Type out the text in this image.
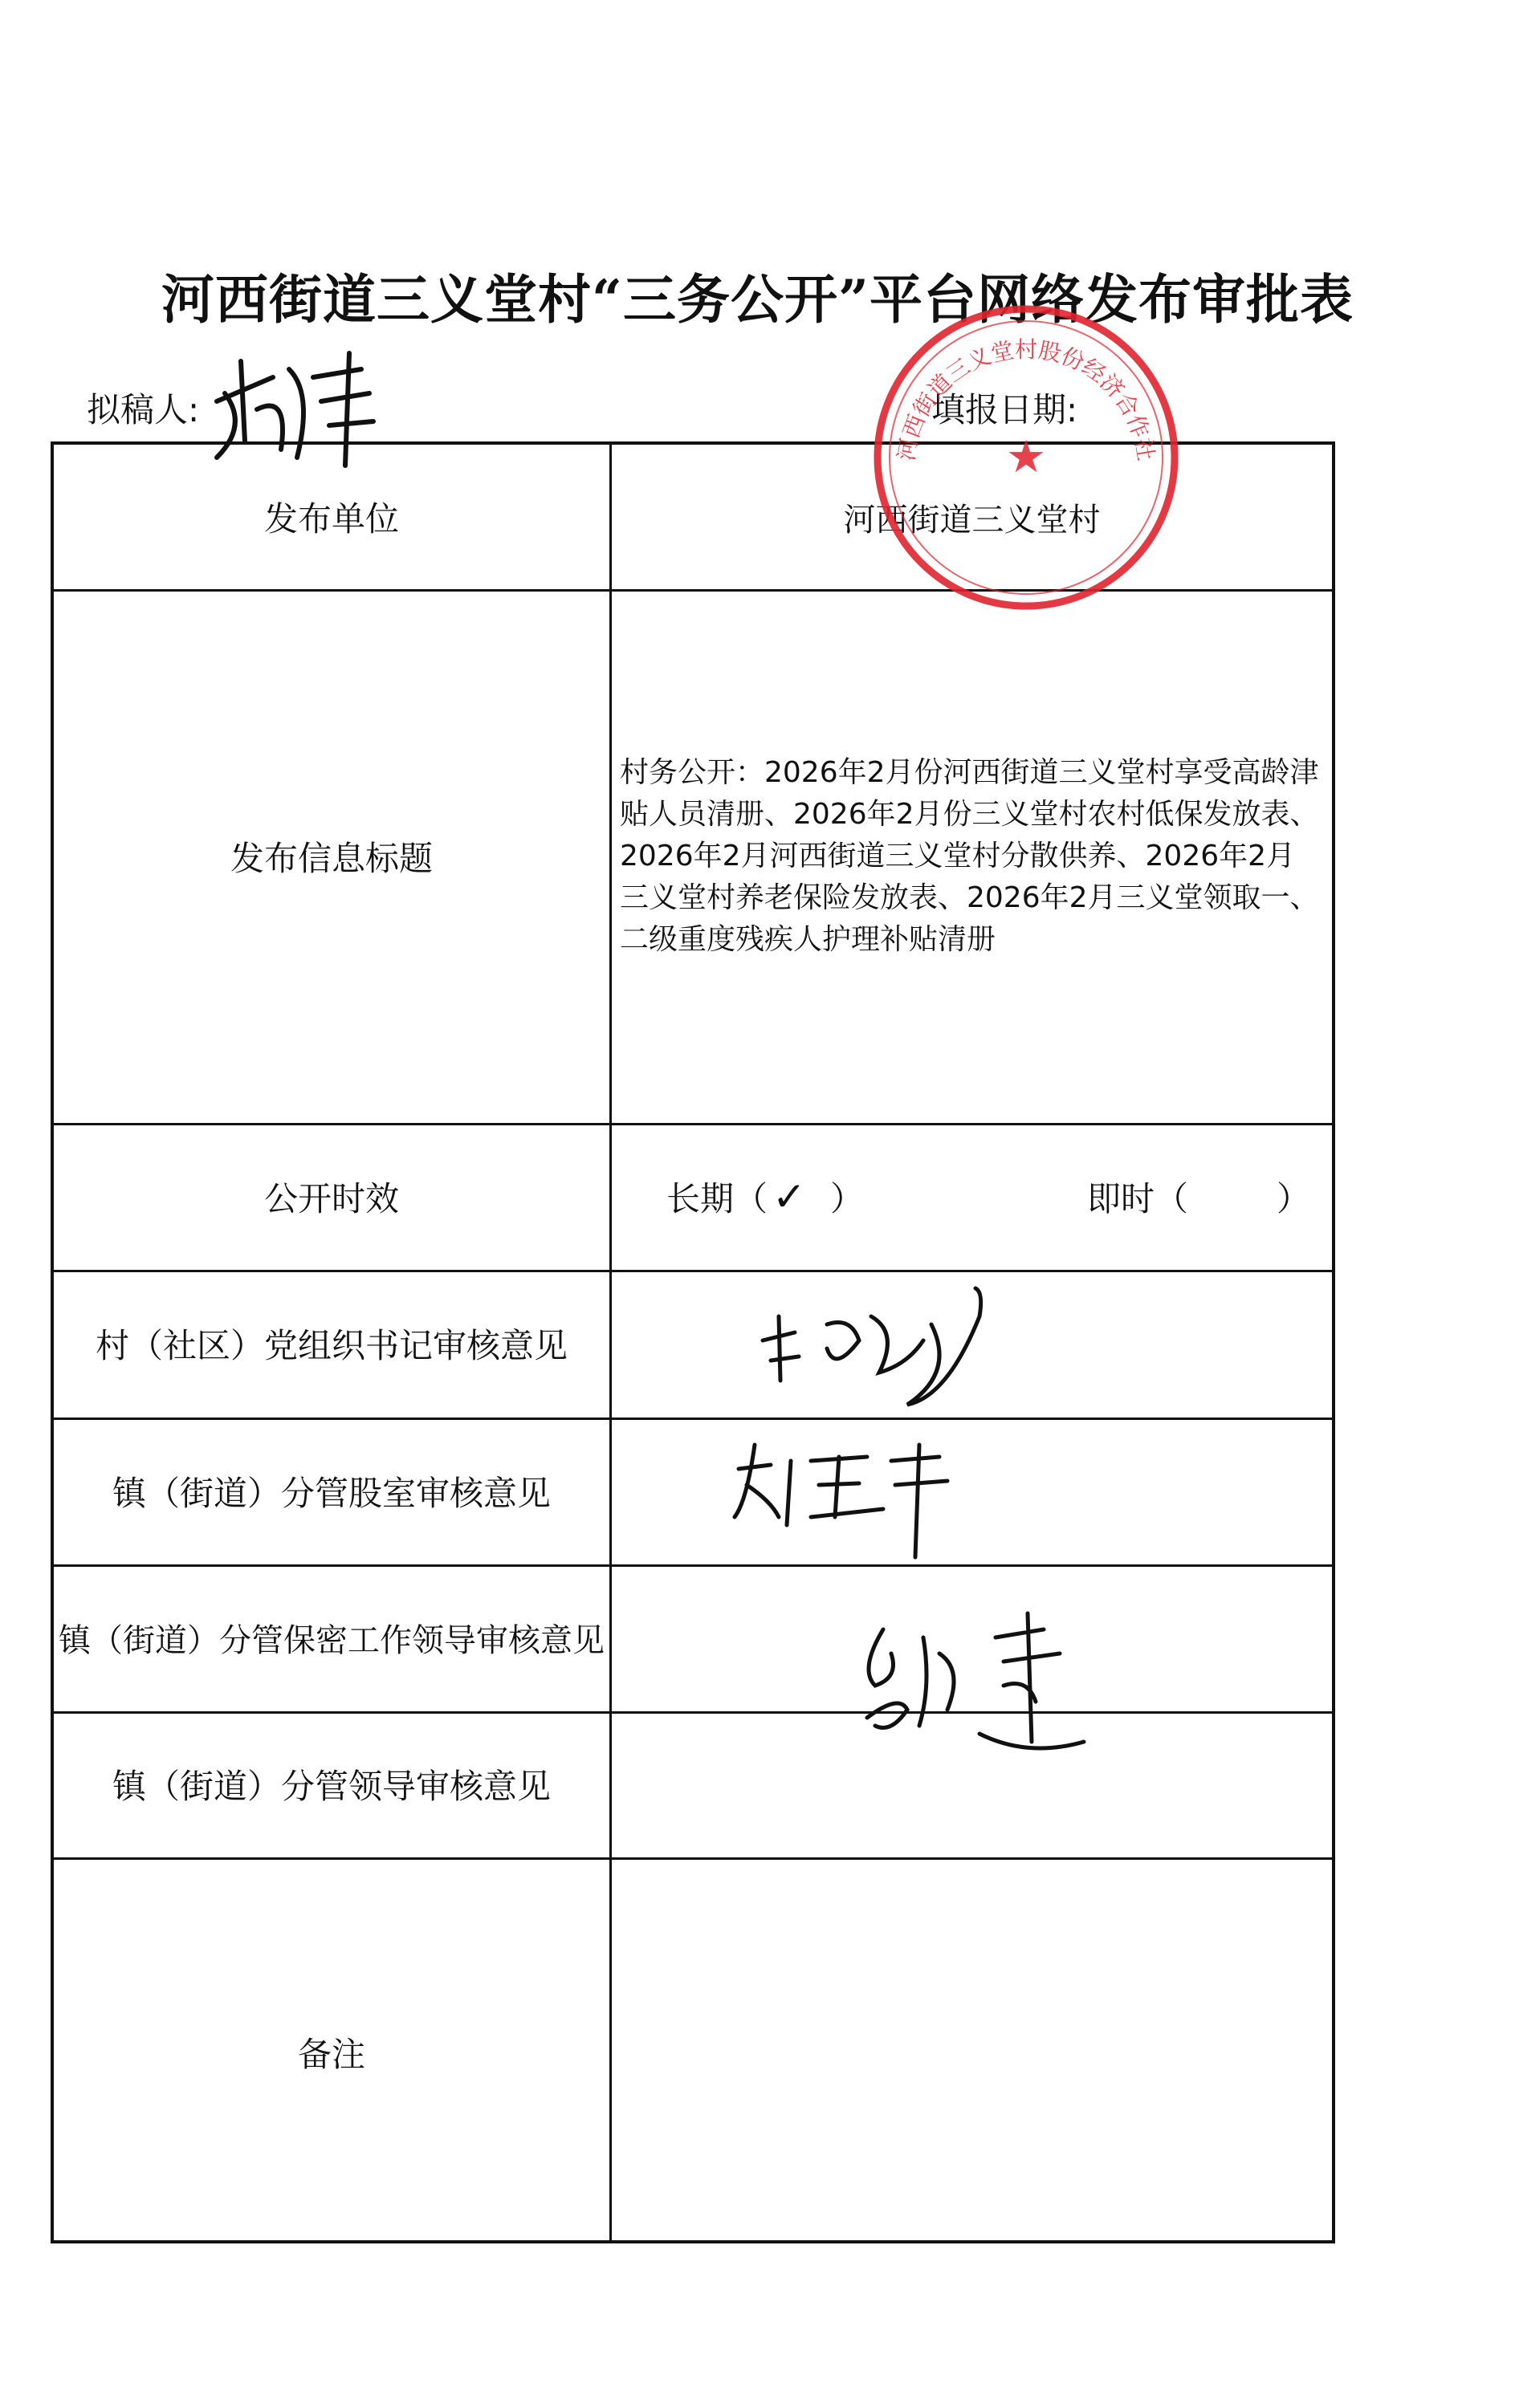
河西街道三义堂村“三务公开”平台网络发布审批表
拟稿人:	填报日期:
发布单位	河西街道三义堂村
发布信息标题
村务公开：2026年2月份河西街道三义堂村享受高龄津贴人员清册、2026年2月份三义堂村农村低保发放表、2026年2月河西街道三义堂村分散供养、2026年2月三义堂村养老保险发放表、2026年2月三义堂领取一、二级重度残疾人护理补贴清册
公开时效	长期（ ✓ ）	即时（	）
村（社区）党组织书记审核意见
镇（街道）分管股室审核意见
镇（街道）分管保密工作领导审核意见
镇（街道）分管领导审核意见
备注
河西街道三义堂村股份经济合作社
★
